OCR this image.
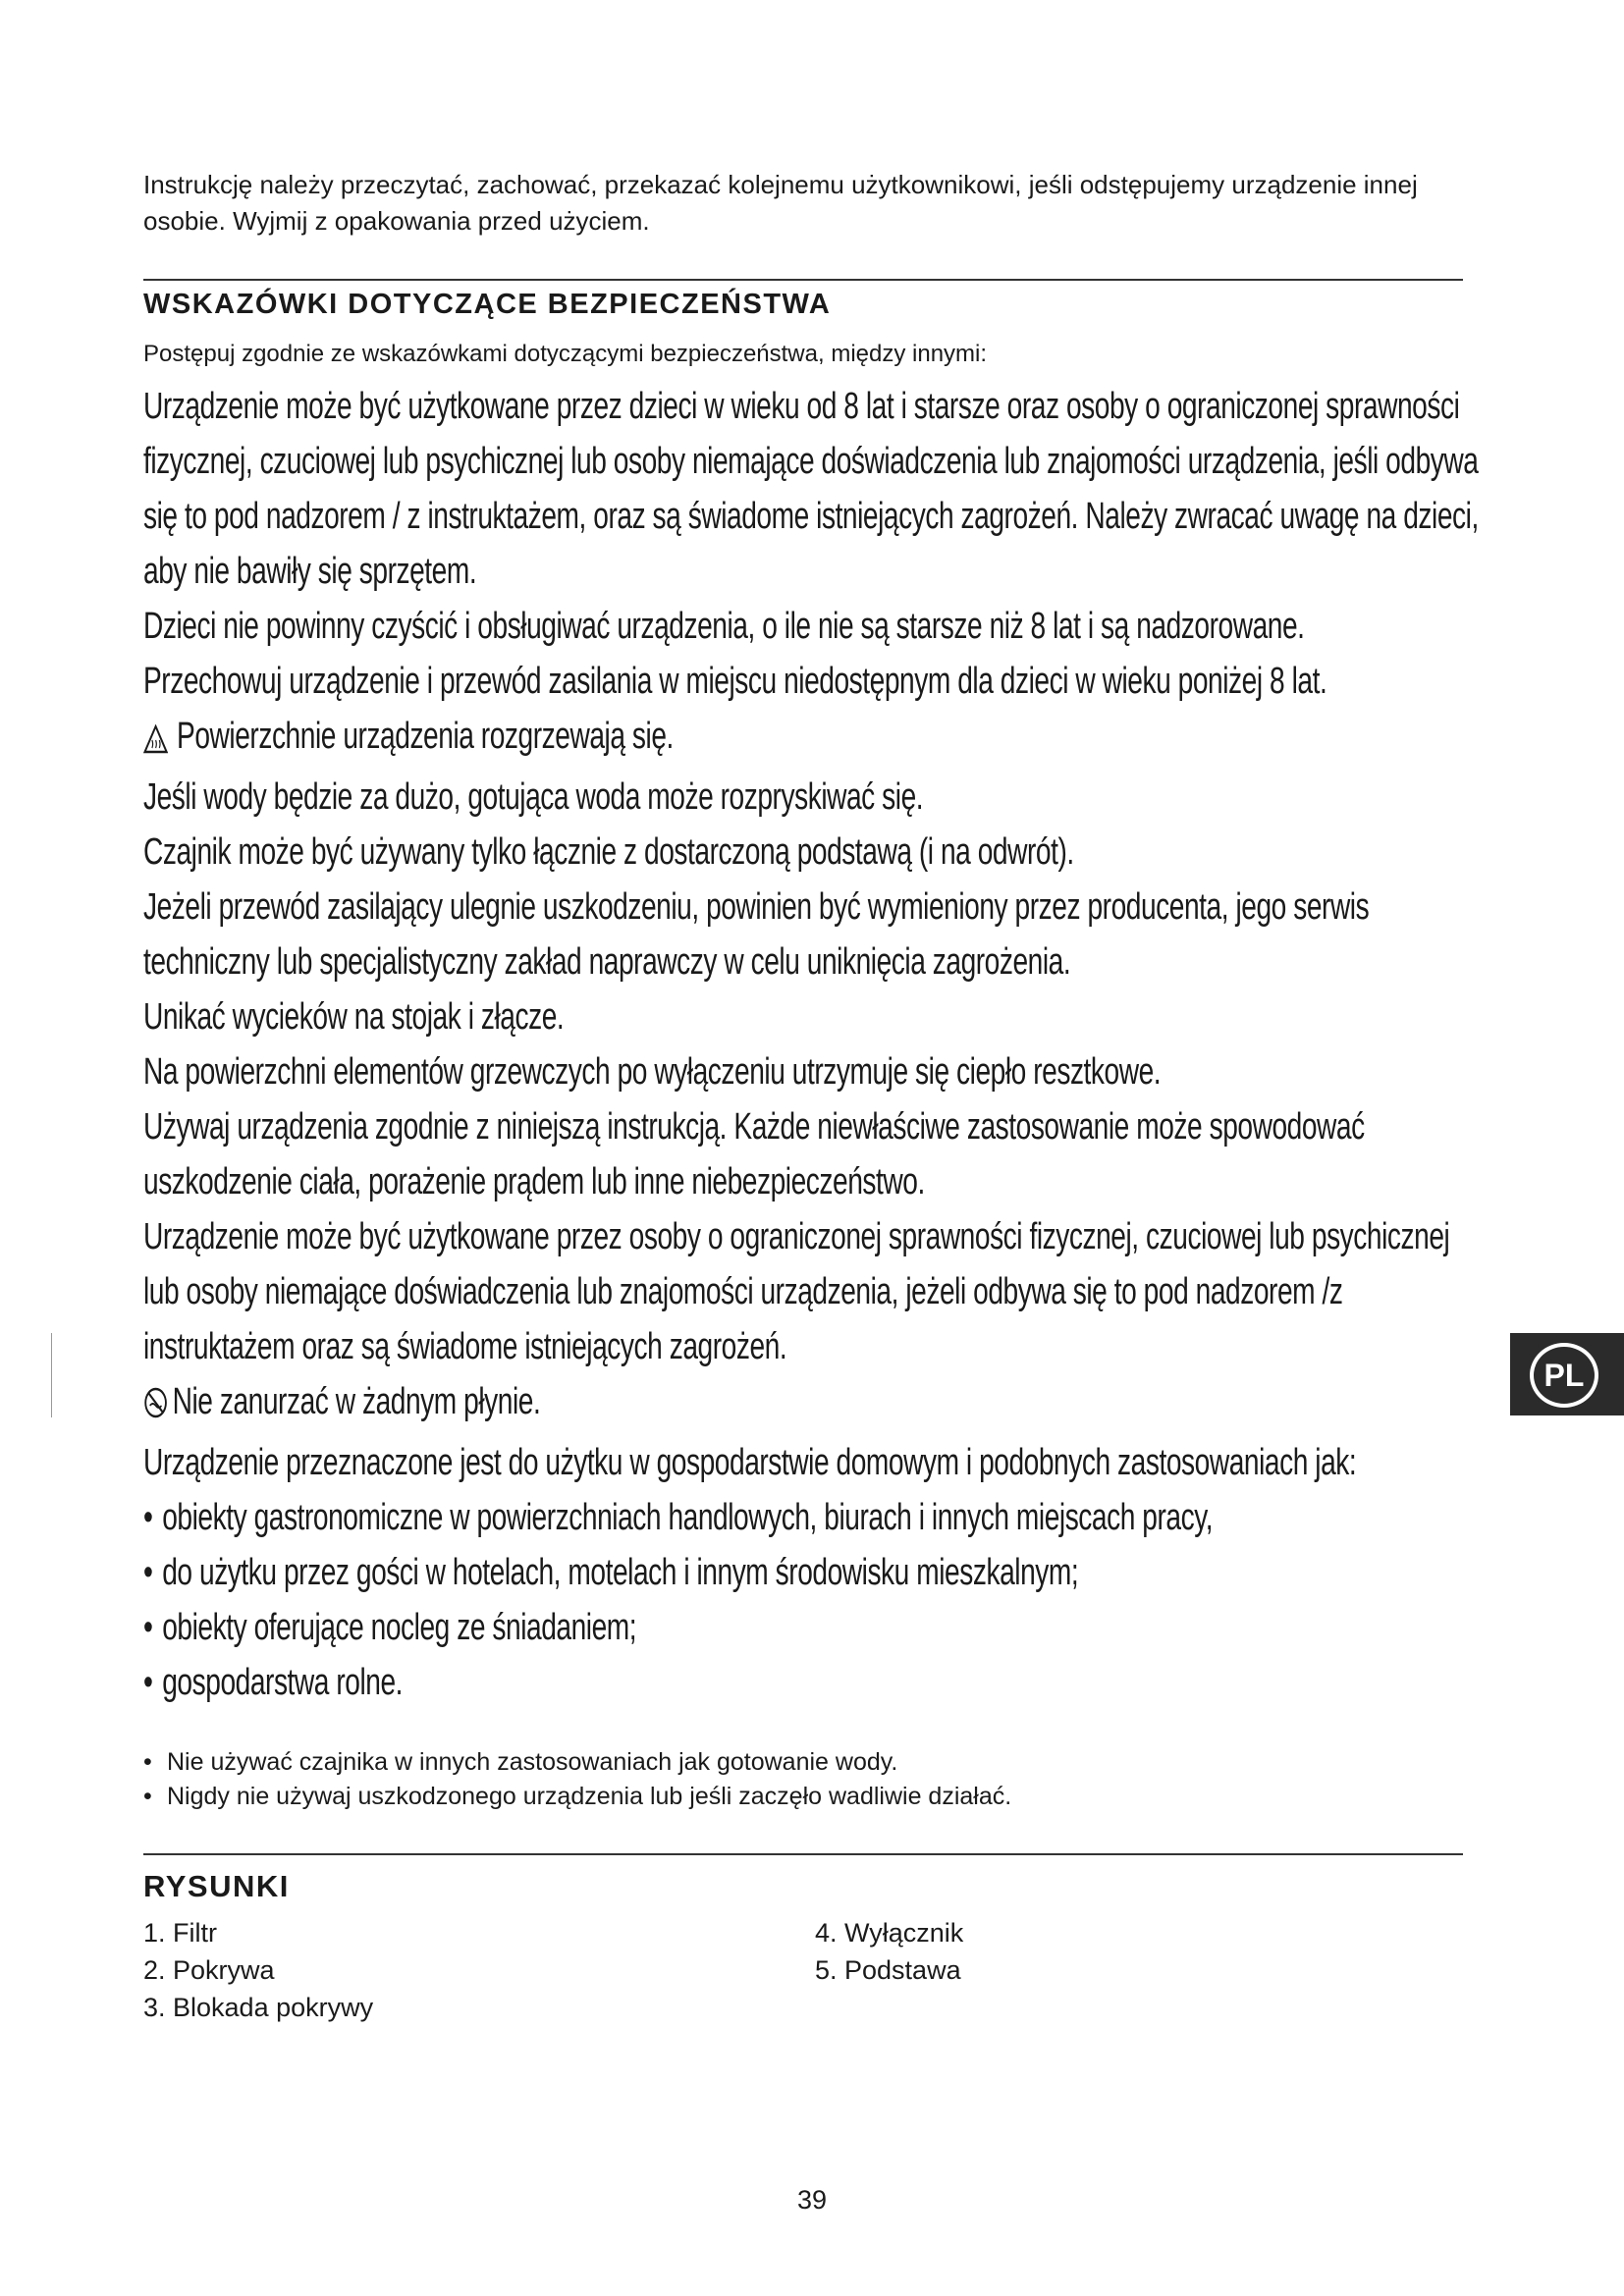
Instrukcję należy przeczytać, zachować, przekazać kolejnemu użytkownikowi, jeśli odstępujemy urządzenie innej osobie. Wyjmij z opakowania przed użyciem.
WSKAZÓWKI DOTYCZĄCE BEZPIECZEŃSTWA
Postępuj zgodnie ze wskazówkami dotyczącymi bezpieczeństwa, między innymi:

Urządzenie może być użytkowane przez dzieci w wieku od 8 lat i starsze oraz osoby o ograniczonej sprawności fizycznej, czuciowej lub psychicznej lub osoby niemające doświadczenia lub znajomości urządzenia, jeśli odbywa się to pod nadzorem / z instruktażem, oraz są świadome istniejących zagrożeń. Należy zwracać uwagę na dzieci, aby nie bawiły się sprzętem.

Dzieci nie powinny czyścić i obsługiwać urządzenia, o ile nie są starsze niż 8 lat i są nadzorowane.

Przechowuj urządzenie i przewód zasilania w miejscu niedostępnym dla dzieci w wieku poniżej 8 lat.

Powierzchnie urządzenia rozgrzewają się.

Jeśli wody będzie za dużo, gotująca woda może rozpryskiwać się.

Czajnik może być używany tylko łącznie z dostarczoną podstawą (i na odwrót).

Jeżeli przewód zasilający ulegnie uszkodzeniu, powinien być wymieniony przez producenta, jego serwis techniczny lub specjalistyczny zakład naprawczy w celu uniknięcia zagrożenia.

Unikać wycieków na stojak i złącze.

Na powierzchni elementów grzewczych po wyłączeniu utrzymuje się ciepło resztkowe.

Używaj urządzenia zgodnie z niniejszą instrukcją. Każde niewłaściwe zastosowanie może spowodować uszkodzenie ciała, porażenie prądem lub inne niebezpieczeństwo.

Urządzenie może być użytkowane przez osoby o ograniczonej sprawności fizycznej, czuciowej lub psychicznej lub osoby niemające doświadczenia lub znajomości urządzenia, jeżeli odbywa się to pod nadzorem /z instruktażem oraz są świadome istniejących zagrożeń.

Nie zanurzać w żadnym płynie.

Urządzenie przeznaczone jest do użytku w gospodarstwie domowym i podobnych zastosowaniach jak:

• obiekty gastronomiczne w powierzchniach handlowych, biurach i innych miejscach pracy,

• do użytku przez gości w hotelach, motelach i innym środowisku mieszkalnym;

• obiekty oferujące nocleg ze śniadaniem;

• gospodarstwa rolne.

• Nie używać czajnika w innych zastosowaniach jak gotowanie wody.
• Nigdy nie używaj uszkodzonego urządzenia lub jeśli zaczęło wadliwie działać.
RYSUNKI
1. Filtr
2. Pokrywa
3. Blokada pokrywy
4. Wyłącznik
5. Podstawa
PL
39
